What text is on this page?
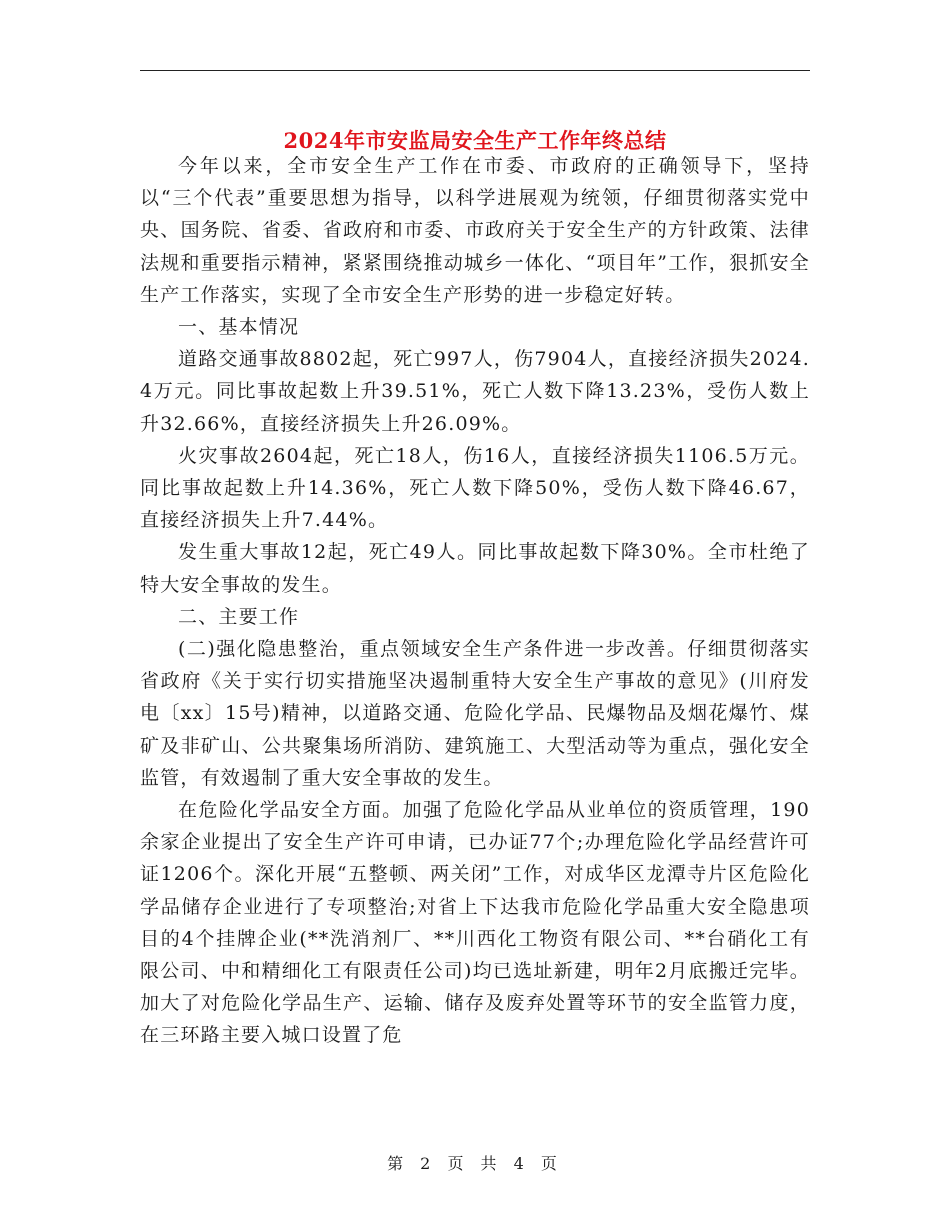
2024年市安监局安全生产工作年终总结

今年以来，全市安全生产工作在市委、市政府的正确领导下，坚持以“三个代表”重要思想为指导，以科学进展观为统领，仔细贯彻落实党中央、国务院、省委、省政府和市委、市政府关于安全生产的方针政策、法律法规和重要指示精神，紧紧围绕推动城乡一体化、“项目年”工作，狠抓安全生产工作落实，实现了全市安全生产形势的进一步稳定好转。

一、基本情况

道路交通事故8802起，死亡997人，伤7904人，直接经济损失2024.4万元。同比事故起数上升39.51%，死亡人数下降13.23%，受伤人数上升32.66%，直接经济损失上升26.09%。

火灾事故2604起，死亡18人，伤16人，直接经济损失1106.5万元。同比事故起数上升14.36%，死亡人数下降50%，受伤人数下降46.67，直接经济损失上升7.44%。

发生重大事故12起，死亡49人。同比事故起数下降30%。全市杜绝了特大安全事故的发生。

二、主要工作

(二)强化隐患整治，重点领域安全生产条件进一步改善。仔细贯彻落实省政府《关于实行切实措施坚决遏制重特大安全生产事故的意见》(川府发电〔xx〕15号)精神，以道路交通、危险化学品、民爆物品及烟花爆竹、煤矿及非矿山、公共聚集场所消防、建筑施工、大型活动等为重点，强化安全监管，有效遏制了重大安全事故的发生。

在危险化学品安全方面。加强了危险化学品从业单位的资质管理，190余家企业提出了安全生产许可申请，已办证77个;办理危险化学品经营许可证1206个。深化开展“五整顿、两关闭”工作，对成华区龙潭寺片区危险化学品储存企业进行了专项整治;对省上下达我市危险化学品重大安全隐患项目的4个挂牌企业(**洗消剂厂、**川西化工物资有限公司、**台硝化工有限公司、中和精细化工有限责任公司)均已选址新建，明年2月底搬迁完毕。加大了对危险化学品生产、运输、储存及废弃处置等环节的安全监管力度，在三环路主要入城口设置了危

第 2 页 共 4 页
